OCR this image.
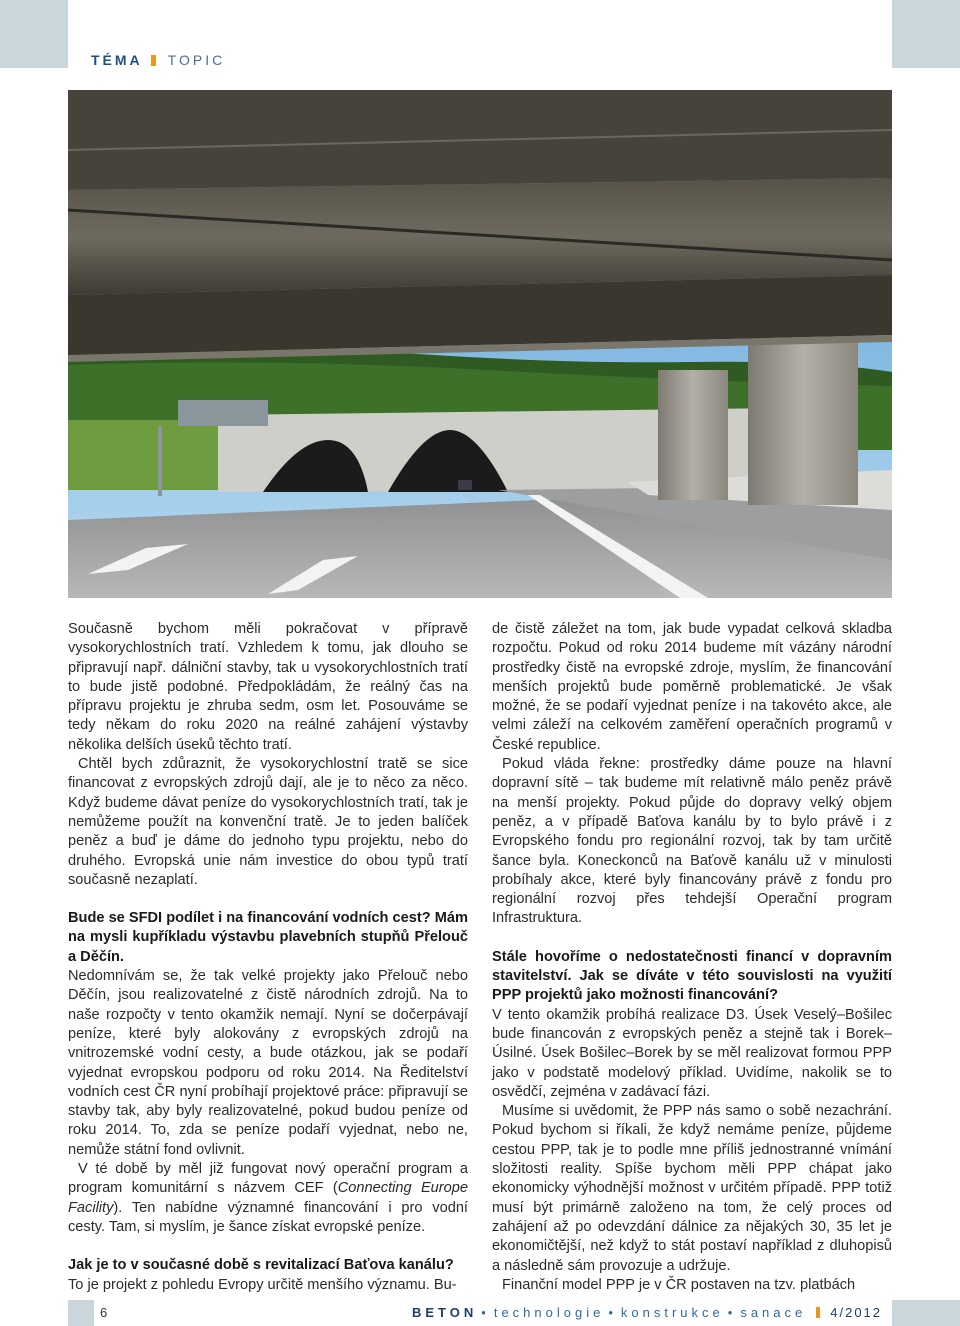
TÉMA TOPIC

Současně bychom měli pokračovat v přípravě vysokorychlostních tratí. Vzhledem k tomu, jak dlouho se připravují např. dálniční stavby, tak u vysokorychlostních tratí to bude jistě podobné. Předpokládám, že reálný čas na přípravu projektu je zhruba sedm, osm let. Posouváme se tedy někam do roku 2020 na reálné zahájení výstavby několika delších úseků těchto tratí.

Chtěl bych zdůraznit, že vysokorychlostní tratě se sice financovat z evropských zdrojů dají, ale je to něco za něco. Když budeme dávat peníze do vysokorychlostních tratí, tak je nemůžeme použít na konvenční tratě. Je to jeden balíček peněz a buď je dáme do jednoho typu projektu, nebo do druhého. Evropská unie nám investice do obou typů tratí současně nezaplatí.

Bude se SFDI podílet i na financování vodních cest? Mám na mysli kupříkladu výstavbu plavebních stupňů Přelouč a Děčín.

Nedomnívám se, že tak velké projekty jako Přelouč nebo Děčín, jsou realizovatelné z čistě národních zdrojů. Na to naše rozpočty v tento okamžik nemají. Nyní se dočerpávají peníze, které byly alokovány z evropských zdrojů na vnitrozemské vodní cesty, a bude otázkou, jak se podaří vyjednat evropskou podporu od roku 2014. Na Ředitelství vodních cest ČR nyní probíhají projektové práce: připravují se stavby tak, aby byly realizovatelné, pokud budou peníze od roku 2014. To, zda se peníze podaří vyjednat, nebo ne, nemůže státní fond ovlivnit.

V té době by měl již fungovat nový operační program a program komunitární s názvem CEF (Connecting Europe Facility). Ten nabídne významné financování i pro vodní cesty. Tam, si myslím, je šance získat evropské peníze.

Jak je to v současné době s revitalizací Baťova kanálu?

To je projekt z pohledu Evropy určitě menšího významu. Bu-

de čistě záležet na tom, jak bude vypadat celková skladba rozpočtu. Pokud od roku 2014 budeme mít vázány národní prostředky čistě na evropské zdroje, myslím, že financování menších projektů bude poměrně problematické. Je však možné, že se podaří vyjednat peníze i na takovéto akce, ale velmi záleží na celkovém zaměření operačních programů v České republice.

Pokud vláda řekne: prostředky dáme pouze na hlavní dopravní sítě – tak budeme mít relativně málo peněz právě na menší projekty. Pokud půjde do dopravy velký objem peněz, a v případě Baťova kanálu by to bylo právě i z Evropského fondu pro regionální rozvoj, tak by tam určitě šance byla. Koneckonců na Baťově kanálu už v minulosti probíhaly akce, které byly financovány právě z fondu pro regionální rozvoj přes tehdejší Operační program Infrastruktura.

Stále hovoříme o nedostatečnosti financí v dopravním stavitelství. Jak se díváte v této souvislosti na využití PPP projektů jako možnosti financování?

V tento okamžik probíhá realizace D3. Úsek Veselý–Bošilec bude financován z evropských peněz a stejně tak i Borek–Úsilné. Úsek Bošilec–Borek by se měl realizovat formou PPP jako v podstatě modelový příklad. Uvidíme, nakolik se to osvědčí, zejména v zadávací fázi.

Musíme si uvědomit, že PPP nás samo o sobě nezachrání. Pokud bychom si říkali, že když nemáme peníze, půjdeme cestou PPP, tak je to podle mne příliš jednostranné vnímání složitosti reality. Spíše bychom měli PPP chápat jako ekonomicky výhodnější možnost v určitém případě. PPP totiž musí být primárně založeno na tom, že celý proces od zahájení až po odevzdání dálnice za nějakých 30, 35 let je ekonomičtější, než když to stát postaví například z dluhopisů a následně sám provozuje a udržuje.

Finanční model PPP je v ČR postaven na tzv. platbách

6	BETON • technologie • konstrukce • sanace 4/2012
